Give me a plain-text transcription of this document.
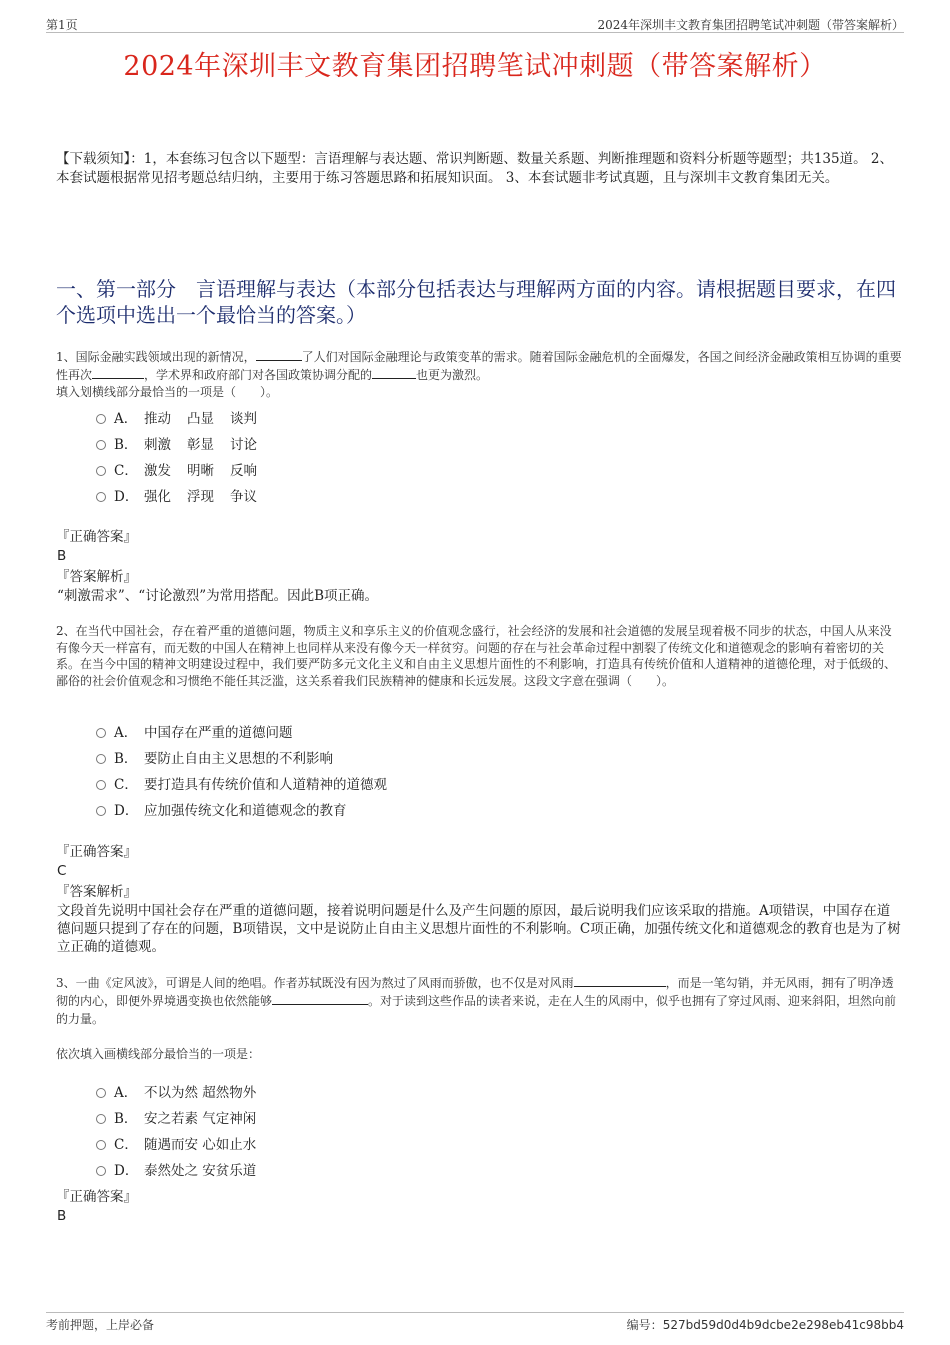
第1页	2024年深圳丰文教育集团招聘笔试冲刺题（带答案解析）
2024年深圳丰文教育集团招聘笔试冲刺题（带答案解析）
【下载须知】：1，本套练习包含以下题型：言语理解与表达题、常识判断题、数量关系题、判断推理题和资料分析题等题型；共135道。 2、本套试题根据常见招考题总结归纳，主要用于练习答题思路和拓展知识面。 3、本套试题非考试真题，且与深圳丰文教育集团无关。
一、第一部分　言语理解与表达（本部分包括表达与理解两方面的内容。请根据题目要求，在四个选项中选出一个最恰当的答案。）
1、国际金融实践领域出现的新情况，	了人们对国际金融理论与政策变革的需求。随着国际金融危机的全面爆发，各国之间经济金融政策相互协调的重要性再次	，学术界和政府部门对各国政策协调分配的	也更为激烈。
填入划横线部分最恰当的一项是（　　）。
A． 推动 凸显 谈判
B． 刺激 彰显 讨论
C． 激发 明晰 反响
D． 强化 浮现 争议
『正确答案』
B
『答案解析』
“刺激需求”、“讨论激烈”为常用搭配。因此B项正确。
2、在当代中国社会，存在着严重的道德问题，物质主义和享乐主义的价值观念盛行，社会经济的发展和社会道德的发展呈现着极不同步的状态，中国人从来没有像今天一样富有，而无数的中国人在精神上也同样从来没有像今天一样贫穷。问题的存在与社会革命过程中割裂了传统文化和道德观念的影响有着密切的关系。在当今中国的精神文明建设过程中，我们要严防多元文化主义和自由主义思想片面性的不利影响，打造具有传统价值和人道精神的道德伦理，对于低级的、鄙俗的社会价值观念和习惯绝不能任其泛滥，这关系着我们民族精神的健康和长远发展。这段文字意在强调（　　）。
A． 中国存在严重的道德问题
B． 要防止自由主义思想的不利影响
C． 要打造具有传统价值和人道精神的道德观
D． 应加强传统文化和道德观念的教育
『正确答案』
C
『答案解析』
文段首先说明中国社会存在严重的道德问题，接着说明问题是什么及产生问题的原因，最后说明我们应该采取的措施。A项错误，中国存在道德问题只提到了存在的问题，B项错误，文中是说防止自由主义思想片面性的不利影响。C项正确，加强传统文化和道德观念的教育也是为了树立正确的道德观。
3、一曲《定风波》，可谓是人间的绝唱。作者苏轼既没有因为熬过了风雨而骄傲，也不仅是对风雨	，而是一笔勾销，并无风雨，拥有了明净透彻的内心，即便外界境遇变换也依然能够	。对于读到这些作品的读者来说，走在人生的风雨中，似乎也拥有了穿过风雨、迎来斜阳，坦然向前的力量。
依次填入画横线部分最恰当的一项是：
A． 不以为然 超然物外
B． 安之若素 气定神闲
C． 随遇而安 心如止水
D． 泰然处之 安贫乐道
『正确答案』
B
考前押题，上岸必备	编号：527bd59d0d4b9dcbe2e298eb41c98bb4
